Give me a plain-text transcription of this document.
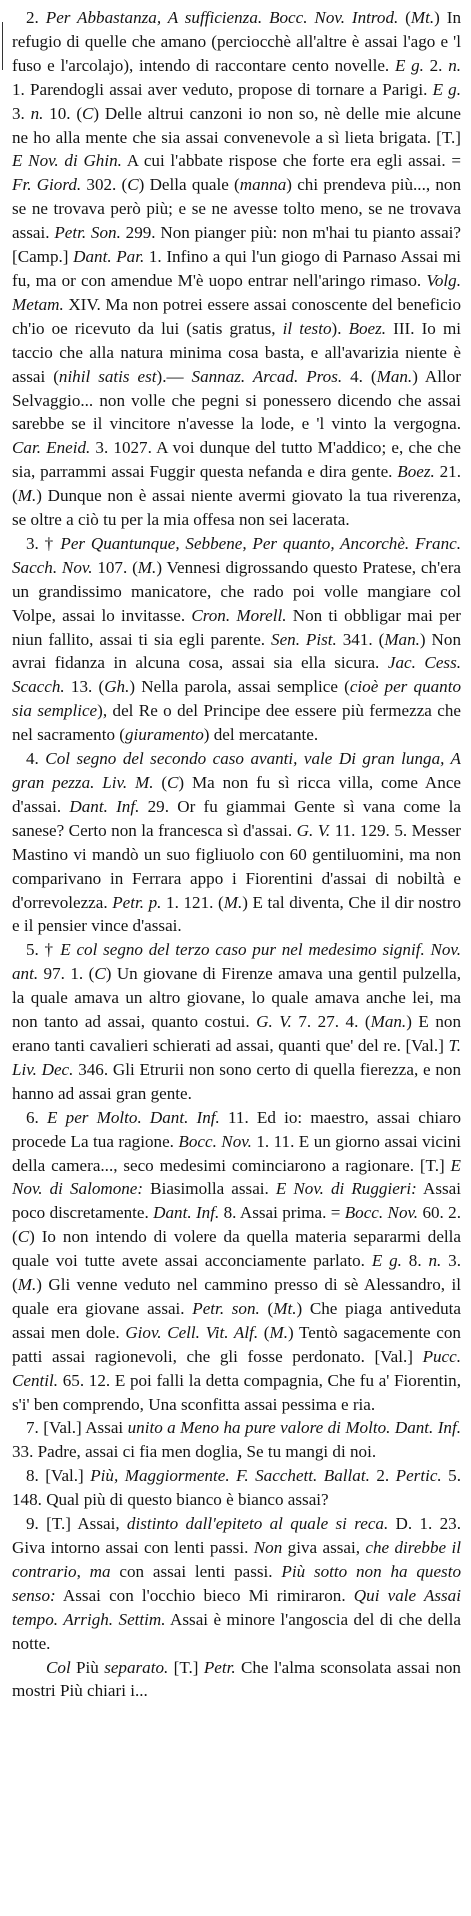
2. Per Abbastanza, A sufficienza. Bocc. Nov. Introd. (Mt.) In refugio di quelle che amano (perciocchè all'altre è assai l'ago e 'l fuso e l'arcolajo), intendo di raccontare cento novelle. E g. 2. n. 1. Parendogli assai aver veduto, propose di tornare a Parigi. E g. 3. n. 10. (C) Delle altrui canzoni io non so, nè delle mie alcune ne ho alla mente che sia assai convenevole a sì lieta brigata. [T.] E Nov. di Ghin. A cui l'abbate rispose che forte era egli assai. = Fr. Giord. 302. (C) Della quale (manna) chi prendeva più..., non se ne trovava però più; e se ne avesse tolto meno, se ne trovava assai. Petr. Son. 299. Non pianger più: non m'hai tu pianto assai? [Camp.] Dant. Par. 1. Infino a qui l'un giogo di Parnaso Assai mi fu, ma or con amendue M'è uopo entrar nell'aringo rimaso. Volg. Metam. XIV. Ma non potrei essere assai conoscente del beneficio ch'io oe ricevuto da lui (satis gratus, il testo). Boez. III. Io mi taccio che alla natura minima cosa basta, e all'avarizia niente è assai (nihil satis est).— Sannaz. Arcad. Pros. 4. (Man.) Allor Selvaggio... non volle che pegni si ponessero dicendo che assai sarebbe se il vincitore n'avesse la lode, e 'l vinto la vergogna. Car. Eneid. 3. 1027. A voi dunque del tutto M'addico; e, che che sia, parrammi assai Fuggir questa nefanda e dira gente. Boez. 21. (M.) Dunque non è assai niente avermi giovato la tua riverenza, se oltre a ciò tu per la mia offesa non sei lacerata.

3. † Per Quantunque, Sebbene, Per quanto, Ancorchè. Franc. Sacch. Nov. 107. (M.) Vennesi digrossando questo Pratese, ch'era un grandissimo manicatore, che rado poi volle mangiare col Volpe, assai lo invitasse. Cron. Morell. Non ti obbligar mai per niun fallito, assai ti sia egli parente. Sen. Pist. 341. (Man.) Non avrai fidanza in alcuna cosa, assai sia ella sicura. Jac. Cess. Scacch. 13. (Gh.) Nella parola, assai semplice (cioè per quanto sia semplice), del Re o del Principe dee essere più fermezza che nel sacramento (giuramento) del mercatante.

4. Col segno del secondo caso avanti, vale Di gran lunga, A gran pezza. Liv. M. (C) Ma non fu sì ricca villa, come Ance d'assai. Dant. Inf. 29. Or fu giammai Gente sì vana come la sanese? Certo non la francesca sì d'assai. G. V. 11. 129. 5. Messer Mastino vi mandò un suo figliuolo con 60 gentiluomini, ma non comparivano in Ferrara appo i Fiorentini d'assai di nobiltà e d'orrevolezza. Petr. p. 1. 121. (M.) E tal diventa, Che il dir nostro e il pensier vince d'assai.

5. † E col segno del terzo caso pur nel medesimo signif. Nov. ant. 97. 1. (C) Un giovane di Firenze amava una gentil pulzella, la quale amava un altro giovane, lo quale amava anche lei, ma non tanto ad assai, quanto costui. G. V. 7. 27. 4. (Man.) E non erano tanti cavalieri schierati ad assai, quanti que' del re. [Val.] T. Liv. Dec. 346. Gli Etrurii non sono certo di quella fierezza, e non hanno ad assai gran gente.

6. E per Molto. Dant. Inf. 11. Ed io: maestro, assai chiaro procede La tua ragione. Bocc. Nov. 1. 11. E un giorno assai vicini della camera..., seco medesimi cominciarono a ragionare. [T.] E Nov. di Salomone: Biasimolla assai. E Nov. di Ruggieri: Assai poco discretamente. Dant. Inf. 8. Assai prima. = Bocc. Nov. 60. 2. (C) Io non intendo di volere da quella materia separarmi della quale voi tutte avete assai acconciamente parlato. E g. 8. n. 3. (M.) Gli venne veduto nel cammino presso di sè Alessandro, il quale era giovane assai. Petr. son. (Mt.) Che piaga antiveduta assai men dole. Giov. Cell. Vit. Alf. (M.) Tentò sagacemente con patti assai ragionevoli, che gli fosse perdonato. [Val.] Pucc. Centil. 65. 12. E poi falli la detta compagnia, Che fu a' Fiorentin, s'i' ben comprendo, Una sconfitta assai pessima e ria.

7. [Val.] Assai unito a Meno ha pure valore di Molto. Dant. Inf. 33. Padre, assai ci fia men doglia, Se tu mangi di noi.

8. [Val.] Più, Maggiormente. F. Sacchett. Ballat. 2. Pertic. 5. 148. Qual più di questo bianco è bianco assai?

9. [T.] Assai, distinto dall'epiteto al quale si reca. D. 1. 23. Giva intorno assai con lenti passi. Non giva assai, che direbbe il contrario, ma con assai lenti passi. Più sotto non ha questo senso: Assai con l'occhio bieco Mi rimiraron. Qui vale Assai tempo. Arrigh. Settim. Assai è minore l'angoscia del di che della notte.

Col Più separato. [T.] Petr. Che l'alma sconsolata assai non mostri Più chiari i...
